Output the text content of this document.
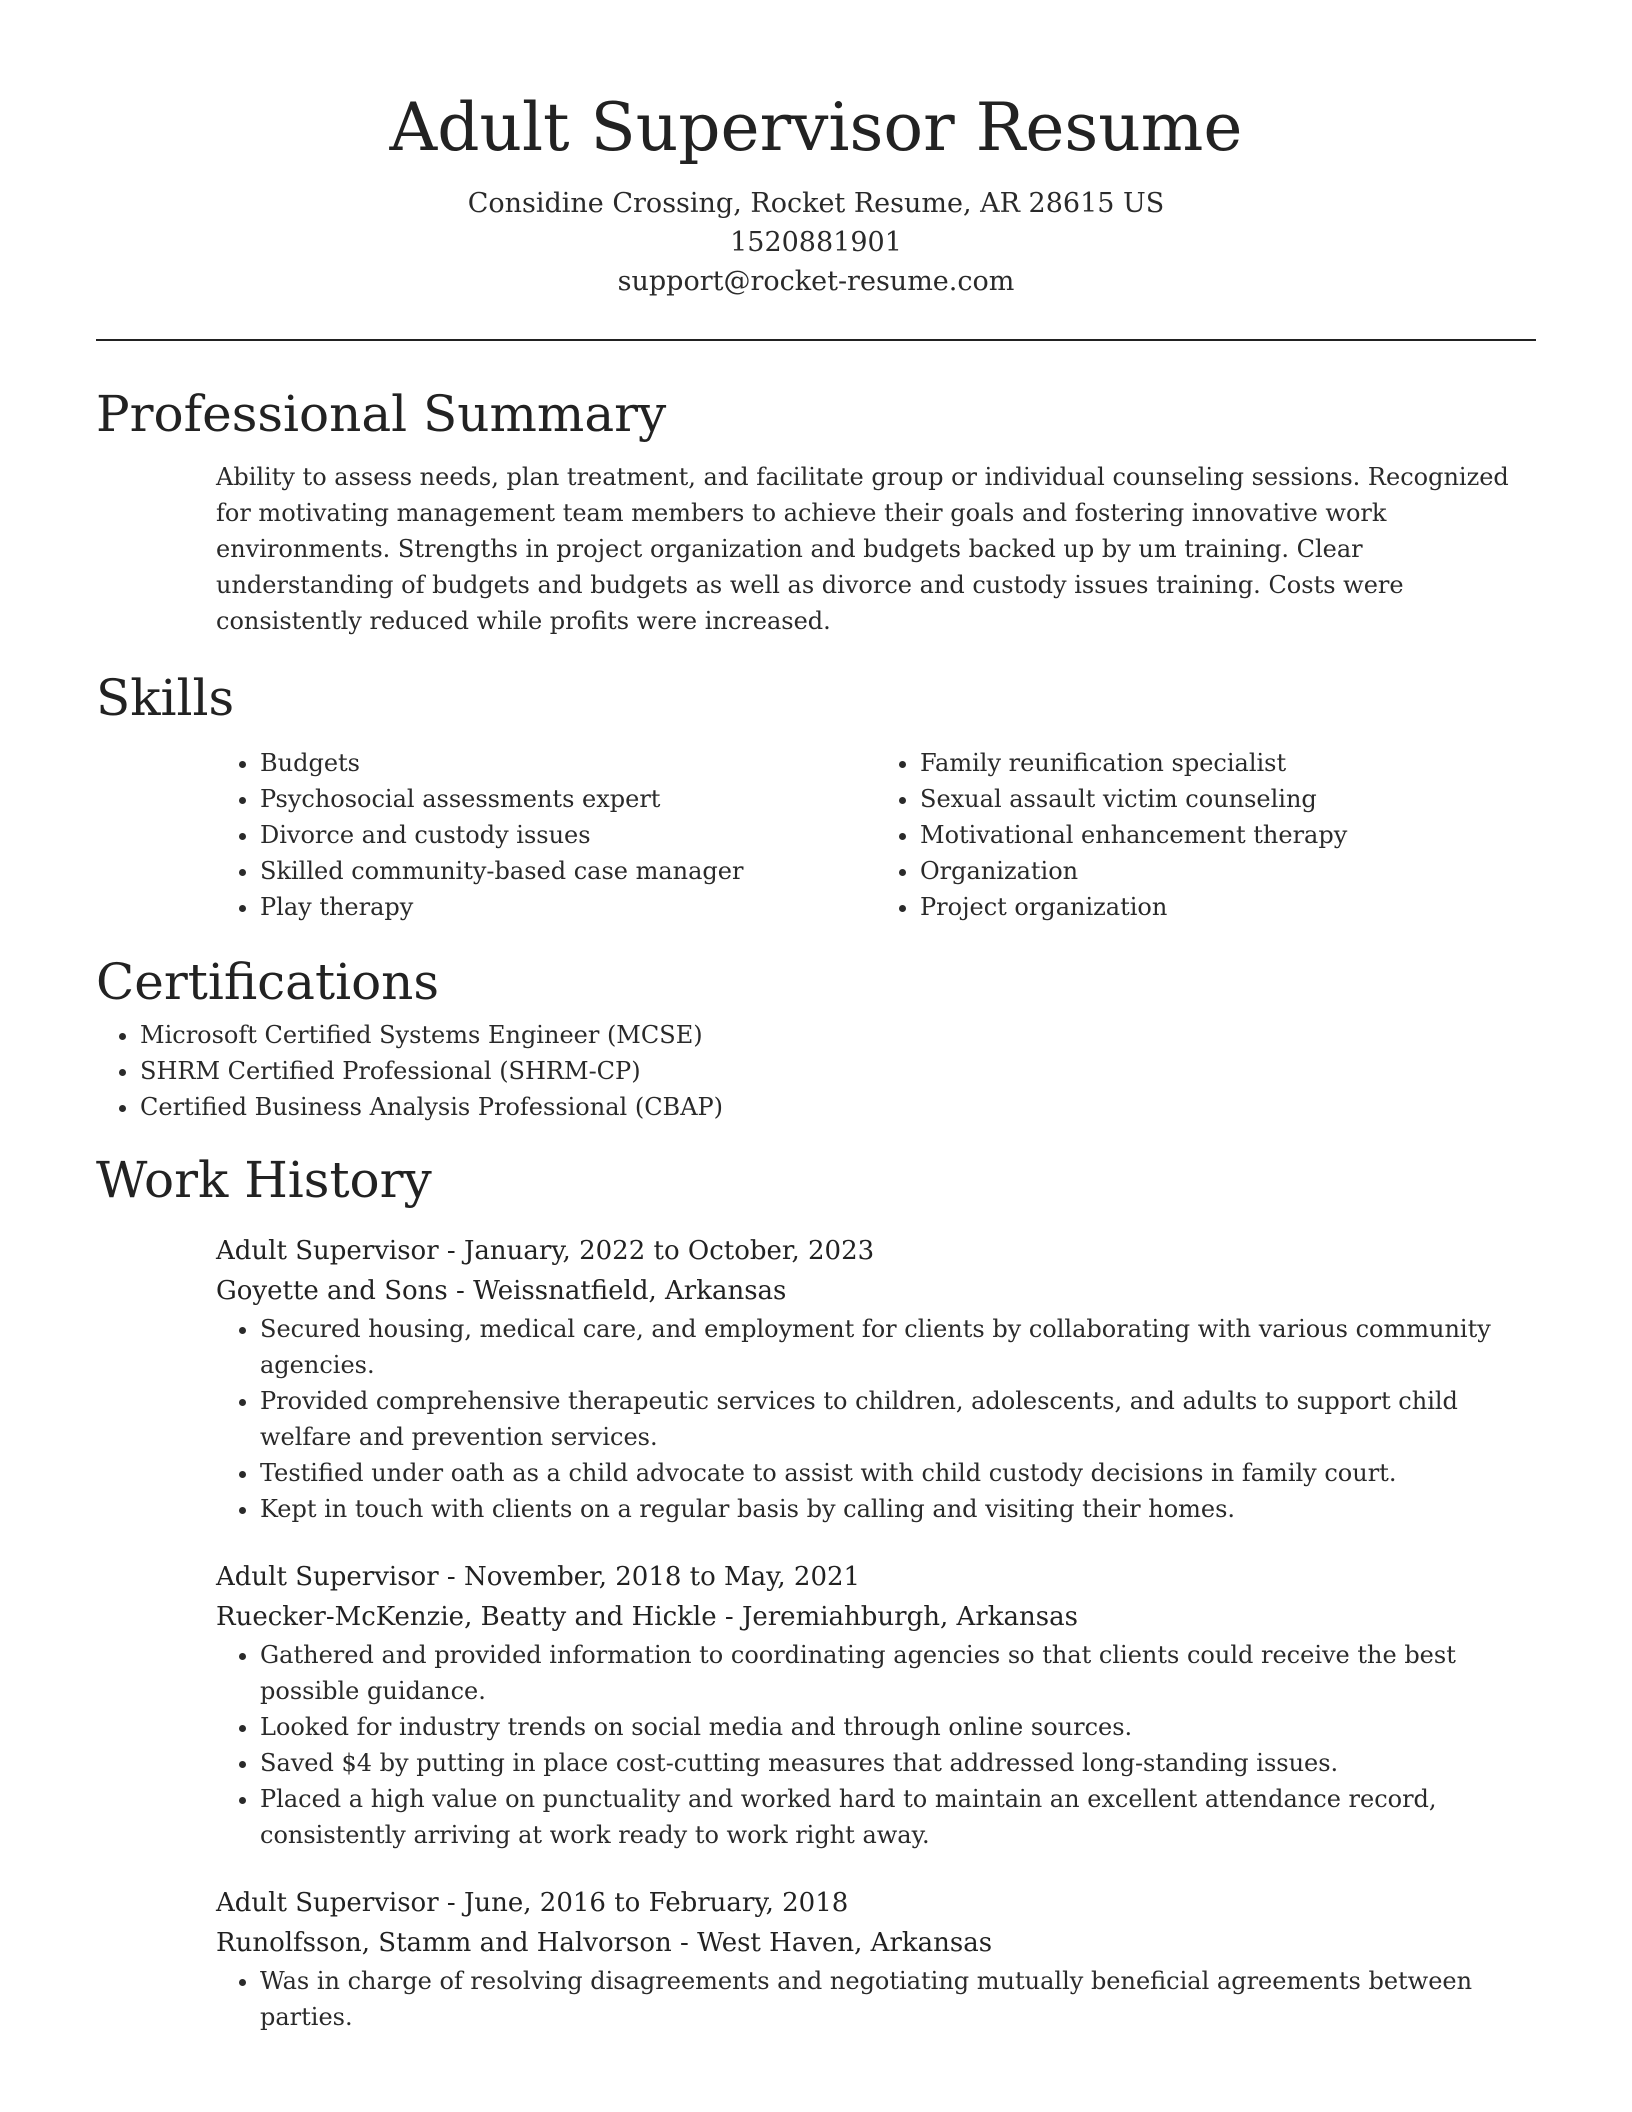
Adult Supervisor Resume
Considine Crossing, Rocket Resume, AR 28615 US
1520881901
support@rocket-resume.com
Professional Summary

Ability to assess needs, plan treatment, and facilitate group or individual counseling sessions. Recognized for motivating management team members to achieve their goals and fostering innovative work environments. Strengths in project organization and budgets backed up by um training. Clear understanding of budgets and budgets as well as divorce and custody issues training. Costs were consistently reduced while profits were increased.

Skills
• Budgets
• Psychosocial assessments expert
• Divorce and custody issues
• Skilled community-based case manager
• Play therapy
• Family reunification specialist
• Sexual assault victim counseling
• Motivational enhancement therapy
• Organization
• Project organization
Certifications
• Microsoft Certified Systems Engineer (MCSE)
• SHRM Certified Professional (SHRM-CP)
• Certified Business Analysis Professional (CBAP)
Work History
Adult Supervisor - January, 2022 to October, 2023
Goyette and Sons - Weissnatfield, Arkansas
• Secured housing, medical care, and employment for clients by collaborating with various community agencies.
• Provided comprehensive therapeutic services to children, adolescents, and adults to support child welfare and prevention services.
• Testified under oath as a child advocate to assist with child custody decisions in family court.
• Kept in touch with clients on a regular basis by calling and visiting their homes.
Adult Supervisor - November, 2018 to May, 2021
Ruecker-McKenzie, Beatty and Hickle - Jeremiahburgh, Arkansas
• Gathered and provided information to coordinating agencies so that clients could receive the best possible guidance.
• Looked for industry trends on social media and through online sources.
• Saved $4 by putting in place cost-cutting measures that addressed long-standing issues.
• Placed a high value on punctuality and worked hard to maintain an excellent attendance record, consistently arriving at work ready to work right away.
Adult Supervisor - June, 2016 to February, 2018
Runolfsson, Stamm and Halvorson - West Haven, Arkansas
• Was in charge of resolving disagreements and negotiating mutually beneficial agreements between parties.
